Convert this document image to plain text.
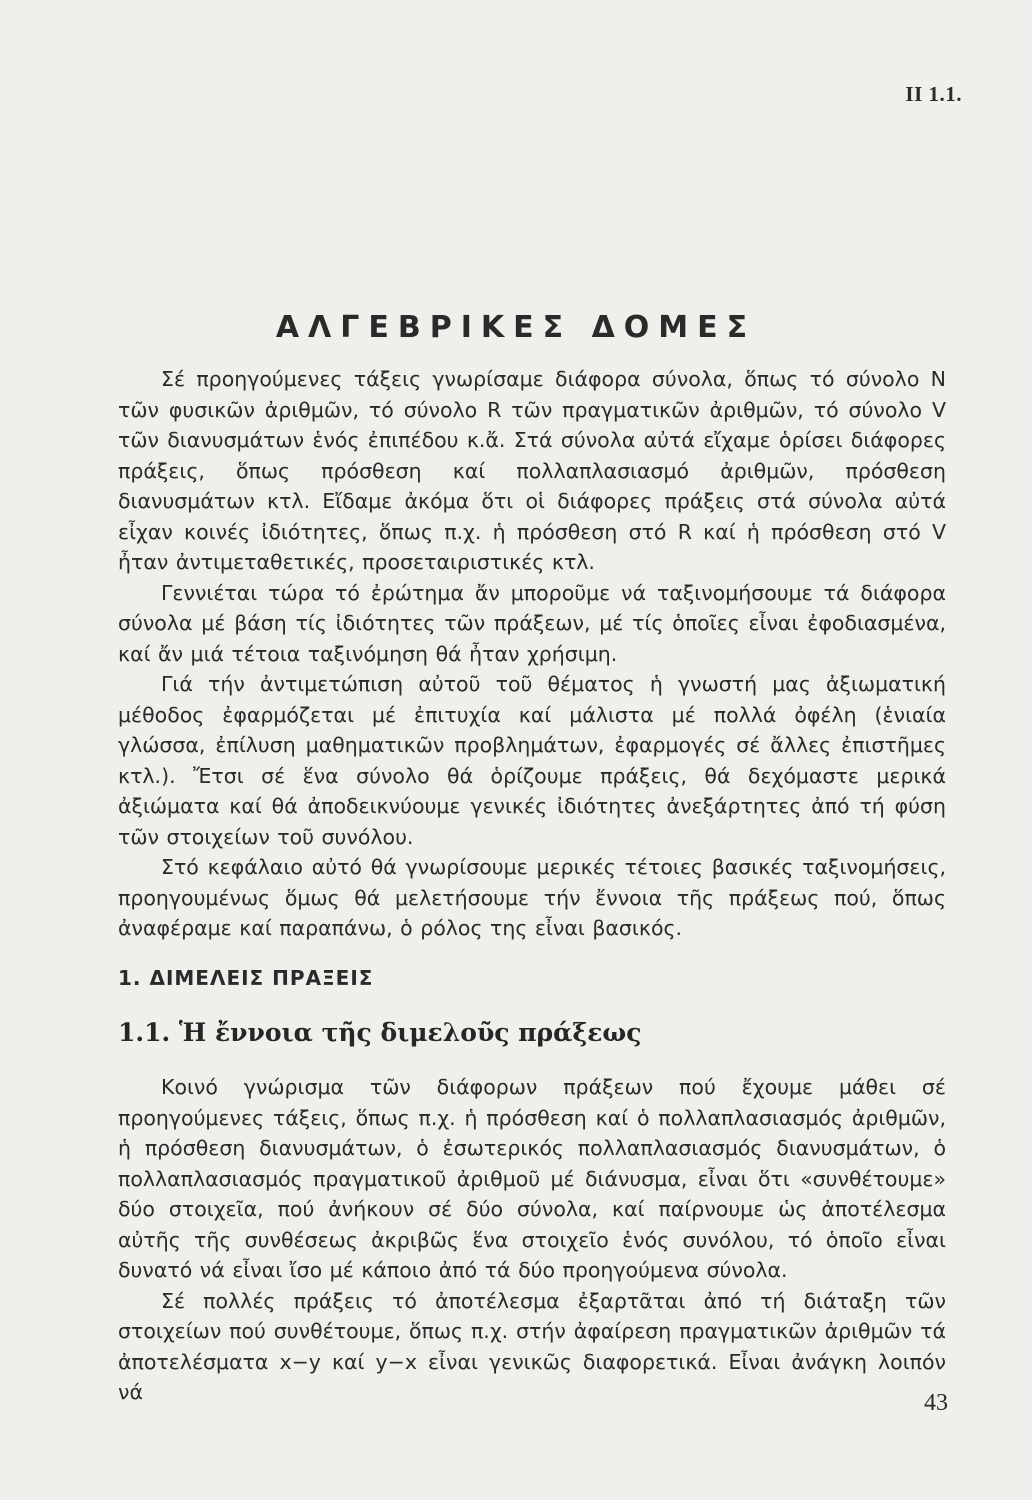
II 1.1.
ΑΛΓΕΒΡΙΚΕΣ ΔΟΜΕΣ

Σέ προηγούμενες τάξεις γνωρίσαμε διάφορα σύνολα, ὅπως τό σύνολο N τῶν φυσικῶν ἀριθμῶν, τό σύνολο R τῶν πραγματικῶν ἀριθμῶν, τό σύνολο V τῶν διανυσμάτων ἑνός ἐπιπέδου κ.ἄ. Στά σύνολα αὐτά εἴχαμε ὁρίσει διάφορες πράξεις, ὅπως πρόσθεση καί πολλαπλασιασμό ἀριθμῶν, πρόσθεση διανυσμάτων κτλ. Εἴδαμε ἀκόμα ὅτι οἱ διάφορες πράξεις στά σύνολα αὐτά εἶχαν κοινές ἰδιότητες, ὅπως π.χ. ἡ πρόσθεση στό R καί ἡ πρόσθεση στό V ἦταν ἀντιμεταθετικές, προσεταιριστικές κτλ.

Γεννιέται τώρα τό ἐρώτημα ἄν μποροῦμε νά ταξινομήσουμε τά διάφορα σύνολα μέ βάση τίς ἰδιότητες τῶν πράξεων, μέ τίς ὁποῖες εἶναι ἐφοδιασμένα, καί ἄν μιά τέτοια ταξινόμηση θά ἦταν χρήσιμη.

Γιά τήν ἀντιμετώπιση αὐτοῦ τοῦ θέματος ἡ γνωστή μας ἀξιωματική μέθοδος ἐφαρμόζεται μέ ἐπιτυχία καί μάλιστα μέ πολλά ὀφέλη (ἑνιαία γλώσσα, ἐπίλυση μαθηματικῶν προβλημάτων, ἐφαρμογές σέ ἄλλες ἐπιστῆμες κτλ.). Ἔτσι σέ ἕνα σύνολο θά ὁρίζουμε πράξεις, θά δεχόμαστε μερικά ἀξιώματα καί θά ἀποδεικνύουμε γενικές ἰδιότητες ἀνεξάρτητες ἀπό τή φύση τῶν στοιχείων τοῦ συνόλου.

Στό κεφάλαιο αὐτό θά γνωρίσουμε μερικές τέτοιες βασικές ταξινομήσεις, προηγουμένως ὅμως θά μελετήσουμε τήν ἔννοια τῆς πράξεως πού, ὅπως ἀναφέραμε καί παραπάνω, ὁ ρόλος της εἶναι βασικός.

1. ΔΙΜΕΛΕΙΣ ΠΡΑΞΕΙΣ
1.1. Ἡ ἔννοια τῆς διμελοῦς πράξεως

Κοινό γνώρισμα τῶν διάφορων πράξεων πού ἔχουμε μάθει σέ προηγούμενες τάξεις, ὅπως π.χ. ἡ πρόσθεση καί ὁ πολλαπλασιασμός ἀριθμῶν, ἡ πρόσθεση διανυσμάτων, ὁ ἐσωτερικός πολλαπλασιασμός διανυσμάτων, ὁ πολλαπλασιασμός πραγματικοῦ ἀριθμοῦ μέ διάνυσμα, εἶναι ὅτι «συνθέτουμε» δύο στοιχεῖα, πού ἀνήκουν σέ δύο σύνολα, καί παίρνουμε ὡς ἀποτέλεσμα αὐτῆς τῆς συνθέσεως ἀκριβῶς ἕνα στοιχεῖο ἑνός συνόλου, τό ὁποῖο εἶναι δυνατό νά εἶναι ἴσο μέ κάποιο ἀπό τά δύο προηγούμενα σύνολα.

Σέ πολλές πράξεις τό ἀποτέλεσμα ἐξαρτᾶται ἀπό τή διάταξη τῶν στοιχείων πού συνθέτουμε, ὅπως π.χ. στήν ἀφαίρεση πραγματικῶν ἀριθμῶν τά ἀποτελέσματα x−y καί y−x εἶναι γενικῶς διαφορετικά. Εἶναι ἀνάγκη λοιπόν νά	43
